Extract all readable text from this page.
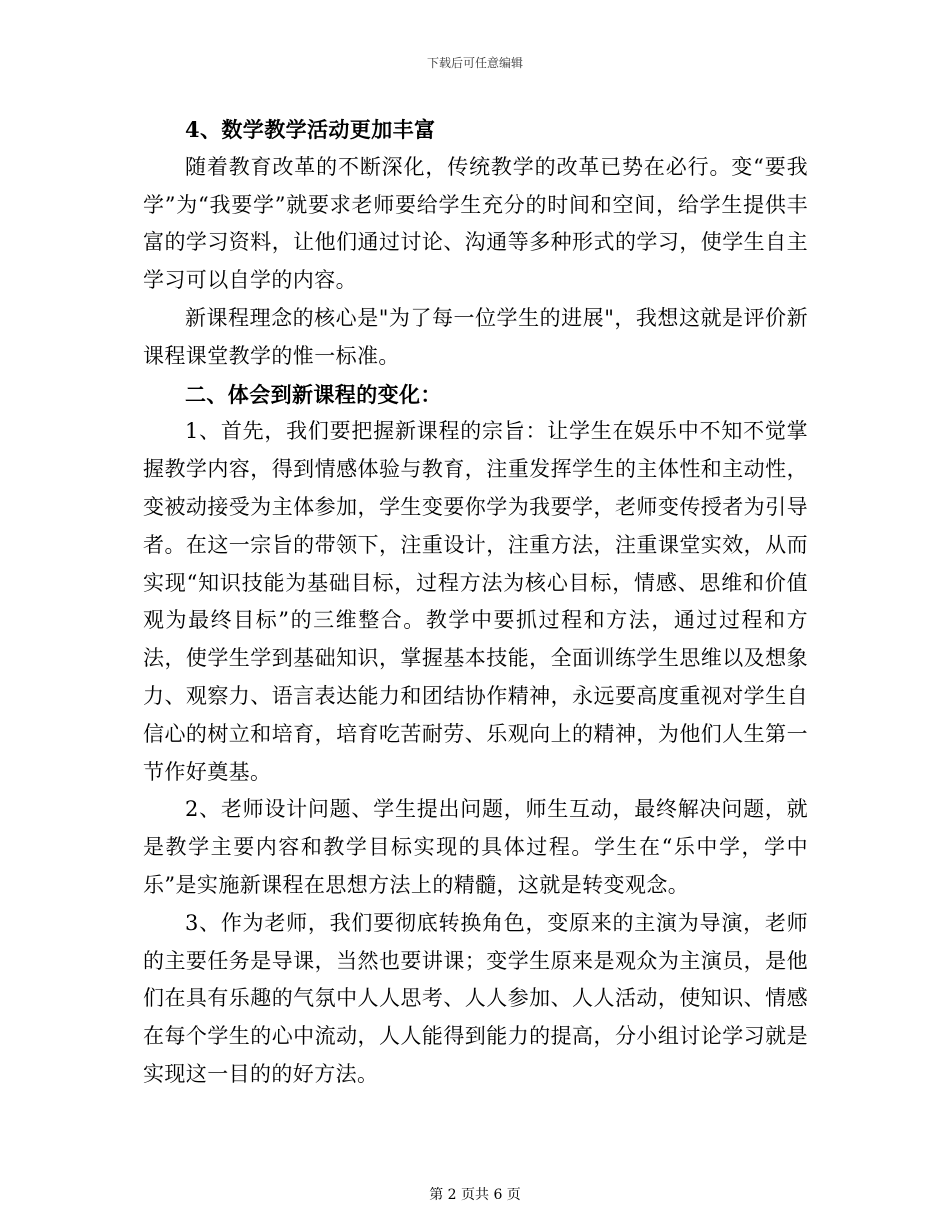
下载后可任意编辑

4、数学教学活动更加丰富

随着教育改革的不断深化，传统教学的改革已势在必行。变“要我学”为“我要学”就要求老师要给学生充分的时间和空间，给学生提供丰富的学习资料，让他们通过讨论、沟通等多种形式的学习，使学生自主学习可以自学的内容。

新课程理念的核心是"为了每一位学生的进展"，我想这就是评价新课程课堂教学的惟一标准。

二、体会到新课程的变化：

1、首先，我们要把握新课程的宗旨：让学生在娱乐中不知不觉掌握教学内容，得到情感体验与教育，注重发挥学生的主体性和主动性，变被动接受为主体参加，学生变要你学为我要学，老师变传授者为引导者。在这一宗旨的带领下，注重设计，注重方法，注重课堂实效，从而实现“知识技能为基础目标，过程方法为核心目标，情感、思维和价值观为最终目标”的三维整合。教学中要抓过程和方法，通过过程和方法，使学生学到基础知识，掌握基本技能，全面训练学生思维以及想象力、观察力、语言表达能力和团结协作精神，永远要高度重视对学生自信心的树立和培育，培育吃苦耐劳、乐观向上的精神，为他们人生第一节作好奠基。

2、老师设计问题、学生提出问题，师生互动，最终解决问题，就是教学主要内容和教学目标实现的具体过程。学生在“乐中学，学中乐”是实施新课程在思想方法上的精髓，这就是转变观念。

3、作为老师，我们要彻底转换角色，变原来的主演为导演，老师的主要任务是导课，当然也要讲课；变学生原来是观众为主演员，是他们在具有乐趣的气氛中人人思考、人人参加、人人活动，使知识、情感在每个学生的心中流动，人人能得到能力的提高，分小组讨论学习就是实现这一目的的好方法。

第 2 页共 6 页
